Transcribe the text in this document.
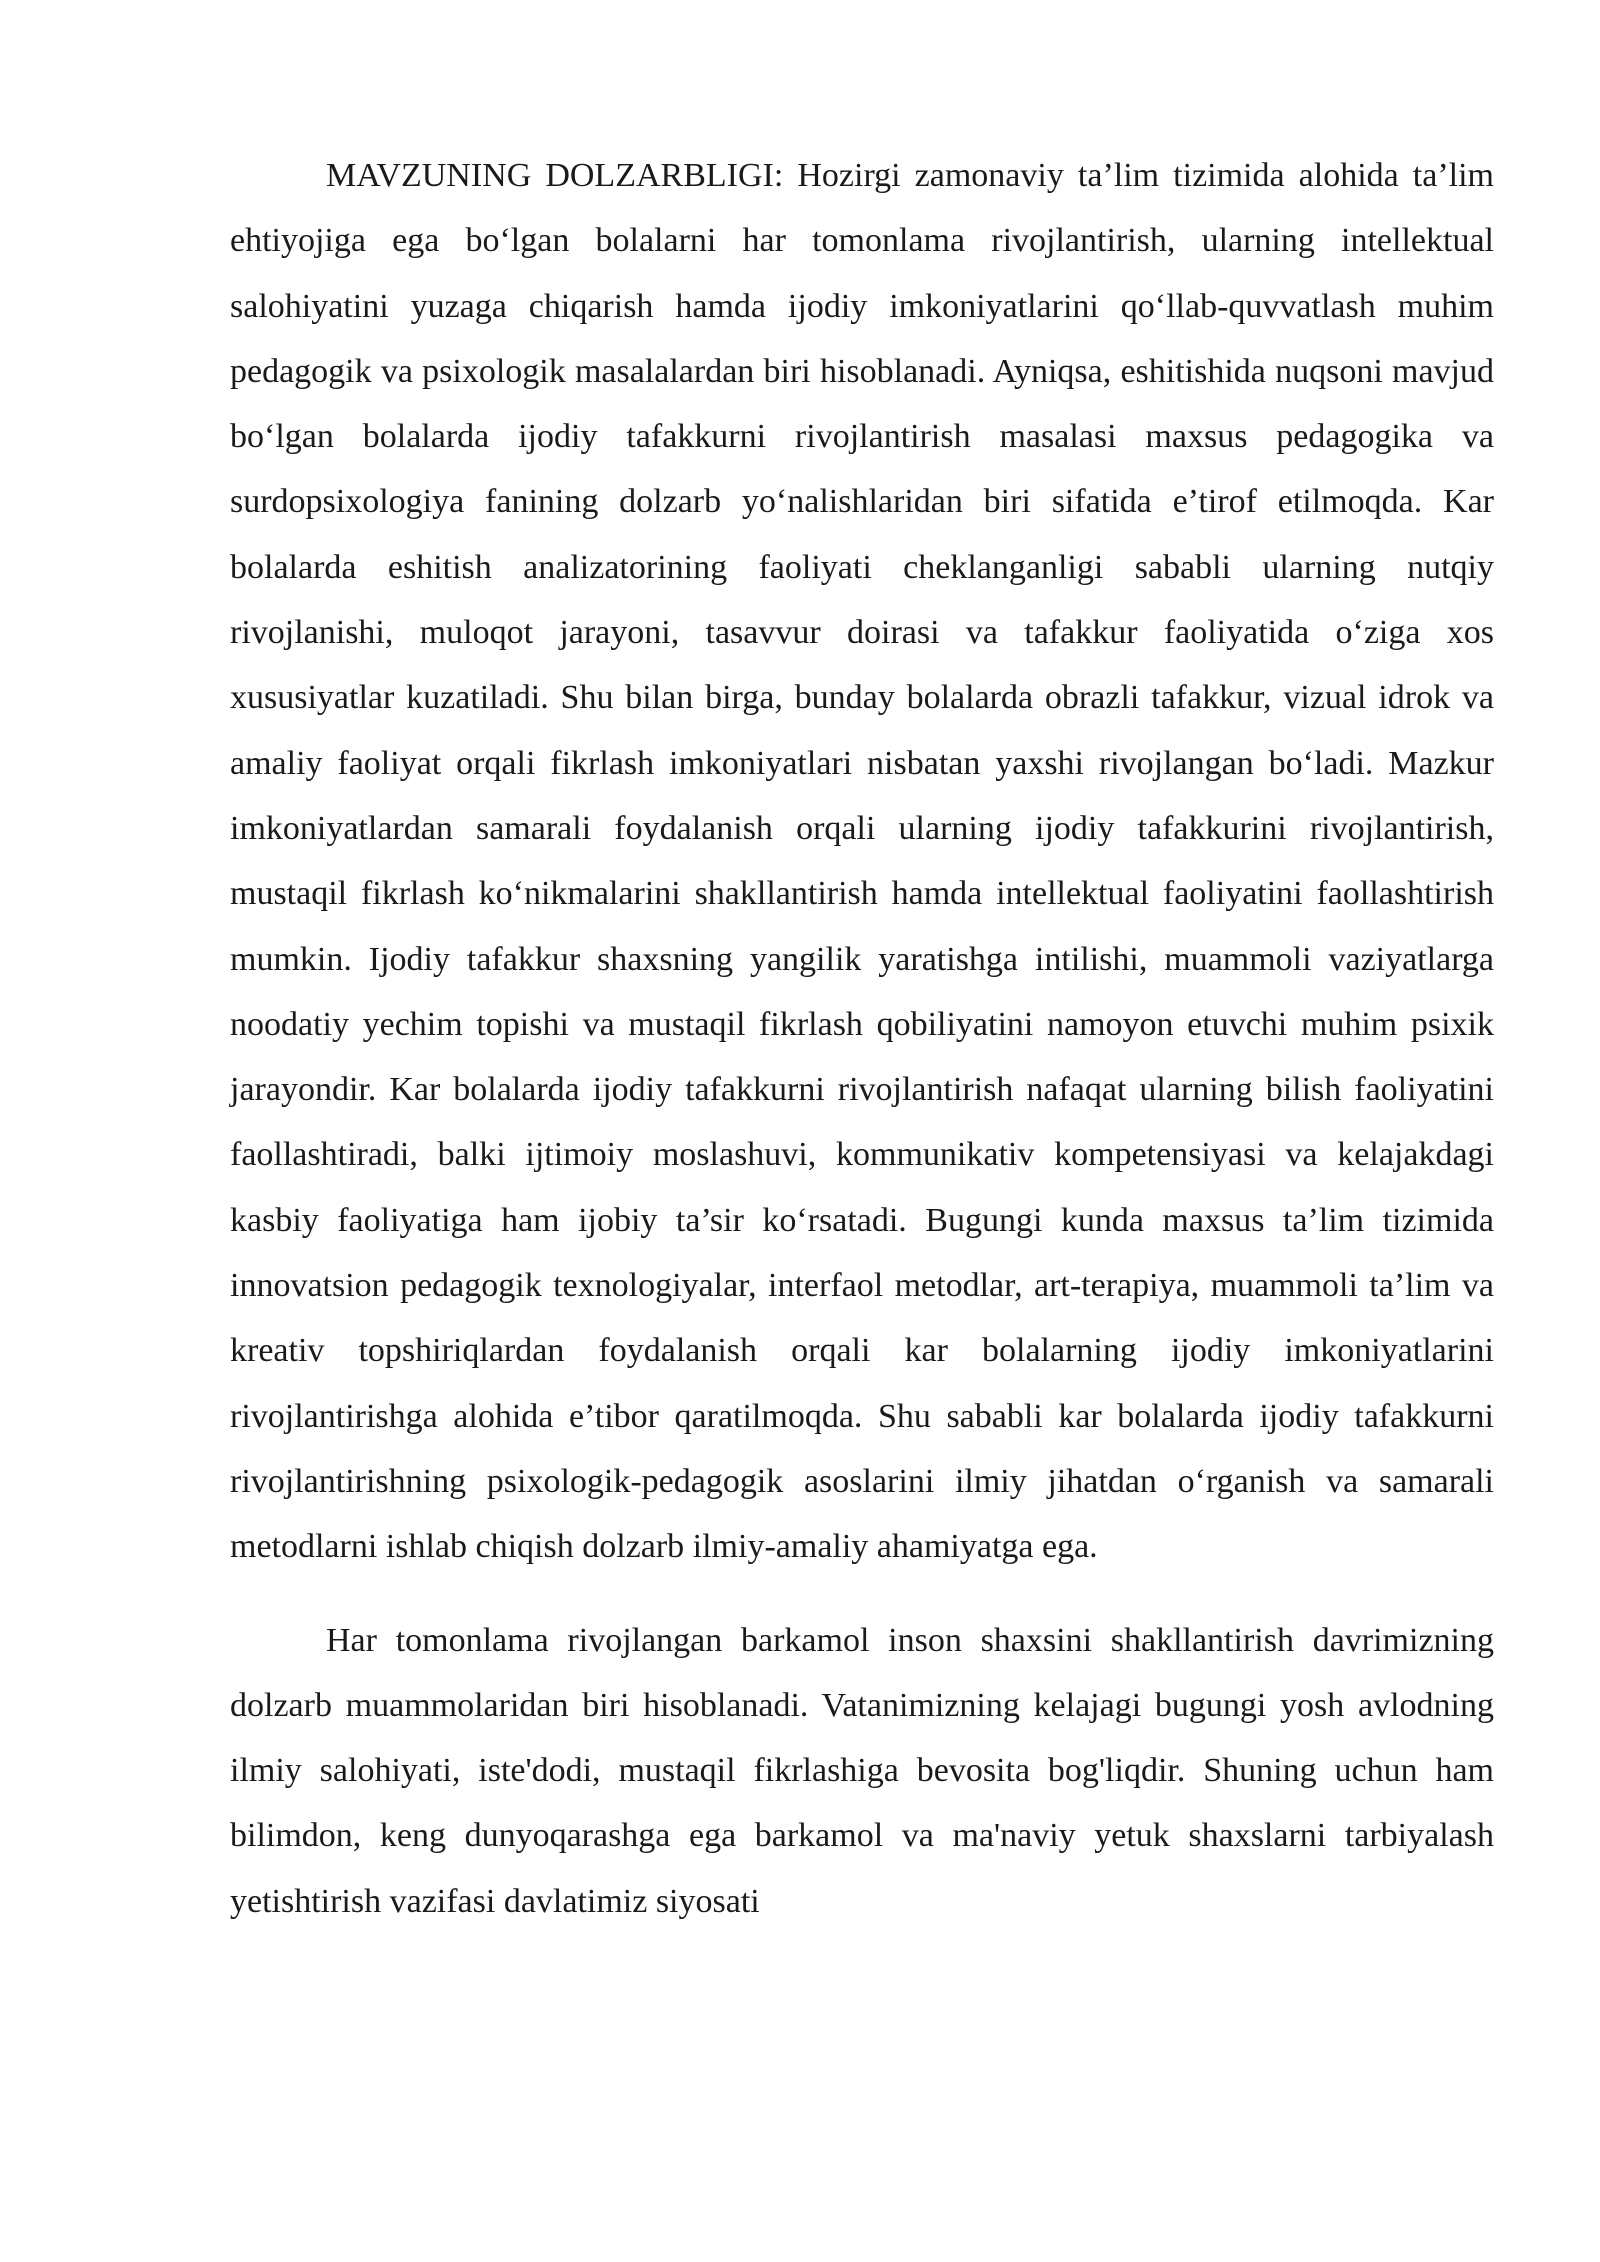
MAVZUNING DOLZARBLIGI: Hozirgi zamonaviy ta’lim tizimida alohida ta’lim ehtiyojiga ega bo‘lgan bolalarni har tomonlama rivojlantirish, ularning intellektual salohiyatini yuzaga chiqarish hamda ijodiy imkoniyatlarini qo‘llab-quvvatlash muhim pedagogik va psixologik masalalardan biri hisoblanadi. Ayniqsa, eshitishida nuqsoni mavjud bo‘lgan bolalarda ijodiy tafakkurni rivojlantirish masalasi maxsus pedagogika va surdopsixologiya fanining dolzarb yo‘nalishlaridan biri sifatida e’tirof etilmoqda. Kar bolalarda eshitish analizatorining faoliyati cheklanganligi sababli ularning nutqiy rivojlanishi, muloqot jarayoni, tasavvur doirasi va tafakkur faoliyatida o‘ziga xos xususiyatlar kuzatiladi. Shu bilan birga, bunday bolalarda obrazli tafakkur, vizual idrok va amaliy faoliyat orqali fikrlash imkoniyatlari nisbatan yaxshi rivojlangan bo‘ladi. Mazkur imkoniyatlardan samarali foydalanish orqali ularning ijodiy tafakkurini rivojlantirish, mustaqil fikrlash ko‘nikmalarini shakllantirish hamda intellektual faoliyatini faollashtirish mumkin. Ijodiy tafakkur shaxsning yangilik yaratishga intilishi, muammoli vaziyatlarga noodatiy yechim topishi va mustaqil fikrlash qobiliyatini namoyon etuvchi muhim psixik jarayondir. Kar bolalarda ijodiy tafakkurni rivojlantirish nafaqat ularning bilish faoliyatini faollashtiradi, balki ijtimoiy moslashuvi, kommunikativ kompetensiyasi va kelajakdagi kasbiy faoliyatiga ham ijobiy ta’sir ko‘rsatadi. Bugungi kunda maxsus ta’lim tizimida innovatsion pedagogik texnologiyalar, interfaol metodlar, art-terapiya, muammoli ta’lim va kreativ topshiriqlardan foydalanish orqali kar bolalarning ijodiy imkoniyatlarini rivojlantirishga alohida e’tibor qaratilmoqda. Shu sababli kar bolalarda ijodiy tafakkurni rivojlantirishning psixologik-pedagogik asoslarini ilmiy jihatdan o‘rganish va samarali metodlarni ishlab chiqish dolzarb ilmiy-amaliy ahamiyatga ega.

Har tomonlama rivojlangan barkamol inson shaxsini shakllantirish davrimizning dolzarb muammolaridan biri hisoblanadi. Vatanimizning kelajagi bugungi yosh avlodning ilmiy salohiyati, iste'dodi, mustaqil fikrlashiga bevosita bog'liqdir. Shuning uchun ham bilimdon, keng dunyoqarashga ega barkamol va ma'naviy yetuk shaxslarni tarbiyalash yetishtirish vazifasi davlatimiz siyosati
